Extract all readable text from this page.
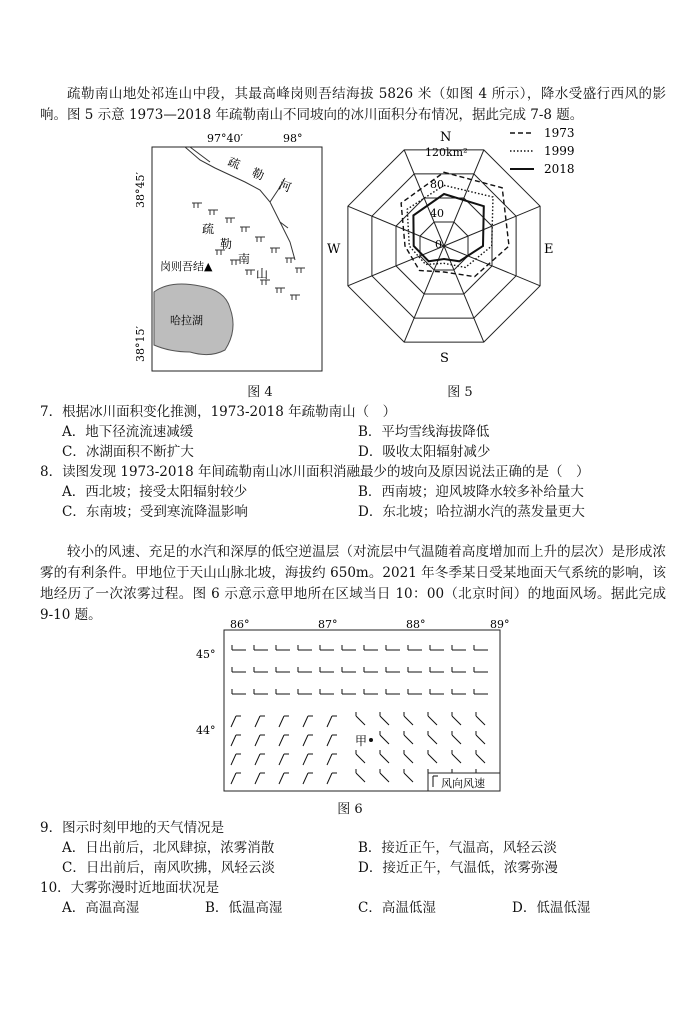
疏勒南山地处祁连山中段，其最高峰岗则吾结海拔 5826 米（如图 4 所示），降水受盛行西风的影响。图 5 示意 1973—2018 年疏勒南山不同坡向的冰川面积分布情况，据此完成 7-8 题。
97°40′	98°
38°45′
38°15′
疏
勒
河
疏
勒
南
山
岗则吾结▲
哈拉湖
图 4
N
E
S
W
120km²
80
40
0
1973
1999
2018
图 5
7．根据冰川面积变化推测，1973-2018 年疏勒南山（　）
A．地下径流流速减缓	B．平均雪线海拔降低
C．冰湖面积不断扩大	D．吸收太阳辐射减少
8．读图发现 1973-2018 年间疏勒南山冰川面积消融最少的坡向及原因说法正确的是（　）
A．西北坡；接受太阳辐射较少	B．西南坡；迎风坡降水较多补给量大
C．东南坡；受到寒流降温影响	D．东北坡；哈拉湖水汽的蒸发量更大
较小的风速、充足的水汽和深厚的低空逆温层（对流层中气温随着高度增加而上升的层次）是形成浓雾的有利条件。甲地位于天山山脉北坡，海拔约 650m。2021 年冬季某日受某地面天气系统的影响，该地经历了一次浓雾过程。图 6 示意示意甲地所在区域当日 10：00（北京时间）的地面风场。据此完成 9-10 题。
86°	87°	88°	89°
45°
44°
甲
风向风速
图 6
9．图示时刻甲地的天气情况是
A．日出前后，北风肆掠，浓雾消散	B．接近正午，气温高，风轻云淡
C．日出前后，南风吹拂，风轻云淡	D．接近正午，气温低，浓雾弥漫
10．大雾弥漫时近地面状况是
A．高温高湿	B．低温高湿	C．高温低湿	D．低温低湿
